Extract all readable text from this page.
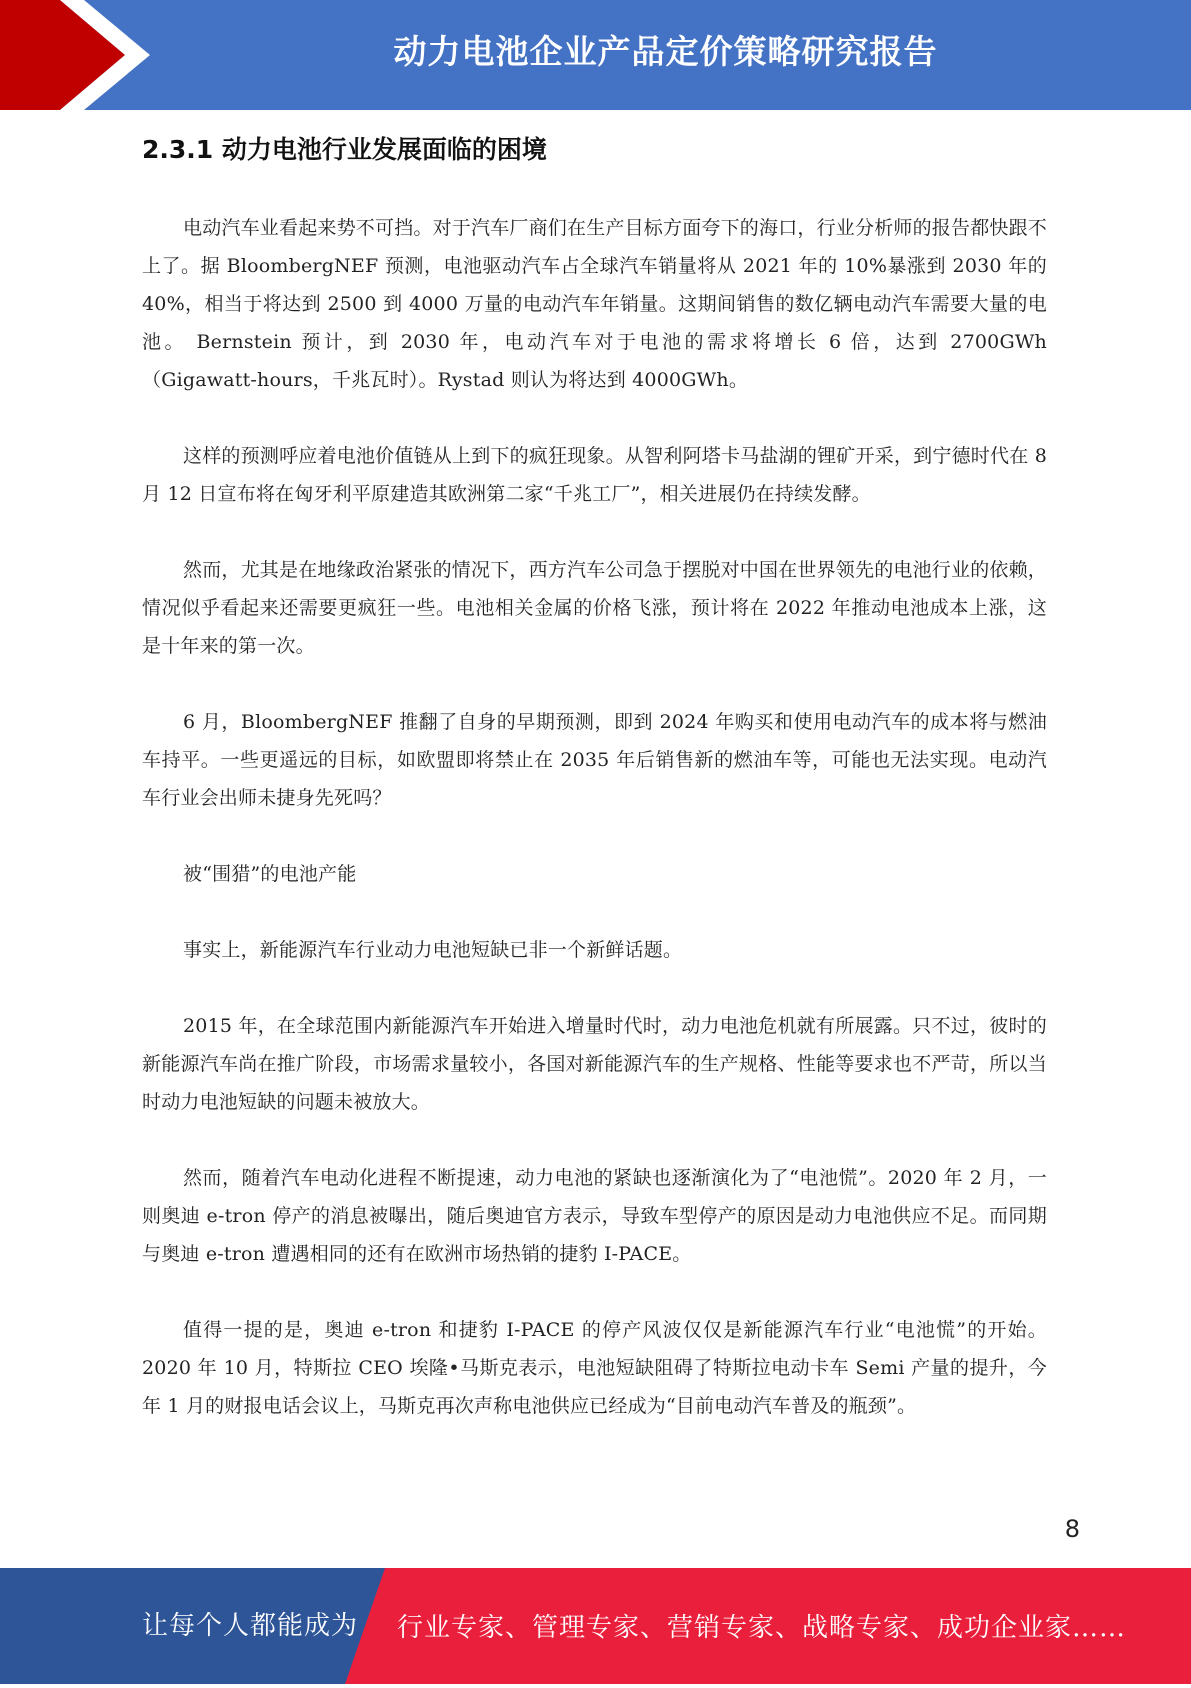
动力电池企业产品定价策略研究报告
2.3.1 动力电池行业发展面临的困境

电动汽车业看起来势不可挡。对于汽车厂商们在生产目标方面夸下的海口，行业分析师的报告都快跟不上了。据 BloombergNEF 预测，电池驱动汽车占全球汽车销量将从 2021 年的 10%暴涨到 2030 年的 40%，相当于将达到 2500 到 4000 万量的电动汽车年销量。这期间销售的数亿辆电动汽车需要大量的电池。 Bernstein 预计，到 2030 年，电动汽车对于电池的需求将增长 6 倍，达到 2700GWh（Gigawatt-hours，千兆瓦时）。Rystad 则认为将达到 4000GWh。

这样的预测呼应着电池价值链从上到下的疯狂现象。从智利阿塔卡马盐湖的锂矿开采，到宁德时代在 8 月 12 日宣布将在匈牙利平原建造其欧洲第二家“千兆工厂”，相关进展仍在持续发酵。

然而，尤其是在地缘政治紧张的情况下，西方汽车公司急于摆脱对中国在世界领先的电池行业的依赖，情况似乎看起来还需要更疯狂一些。电池相关金属的价格飞涨，预计将在 2022 年推动电池成本上涨，这是十年来的第一次。

6 月，BloombergNEF 推翻了自身的早期预测，即到 2024 年购买和使用电动汽车的成本将与燃油车持平。一些更遥远的目标，如欧盟即将禁止在 2035 年后销售新的燃油车等，可能也无法实现。电动汽车行业会出师未捷身先死吗？

被“围猎”的电池产能

事实上，新能源汽车行业动力电池短缺已非一个新鲜话题。

2015 年，在全球范围内新能源汽车开始进入增量时代时，动力电池危机就有所展露。只不过，彼时的新能源汽车尚在推广阶段，市场需求量较小，各国对新能源汽车的生产规格、性能等要求也不严苛，所以当时动力电池短缺的问题未被放大。

然而，随着汽车电动化进程不断提速，动力电池的紧缺也逐渐演化为了“电池慌”。2020 年 2 月，一则奥迪 e-tron 停产的消息被曝出，随后奥迪官方表示，导致车型停产的原因是动力电池供应不足。而同期与奥迪 e-tron 遭遇相同的还有在欧洲市场热销的捷豹 I-PACE。

值得一提的是，奥迪 e-tron 和捷豹 I-PACE 的停产风波仅仅是新能源汽车行业“电池慌”的开始。2020 年 10 月，特斯拉 CEO 埃隆•马斯克表示，电池短缺阻碍了特斯拉电动卡车 Semi 产量的提升，今年 1 月的财报电话会议上，马斯克再次声称电池供应已经成为“目前电动汽车普及的瓶颈”。

8
让每个人都能成为 行业专家、管理专家、营销专家、战略专家、成功企业家……
